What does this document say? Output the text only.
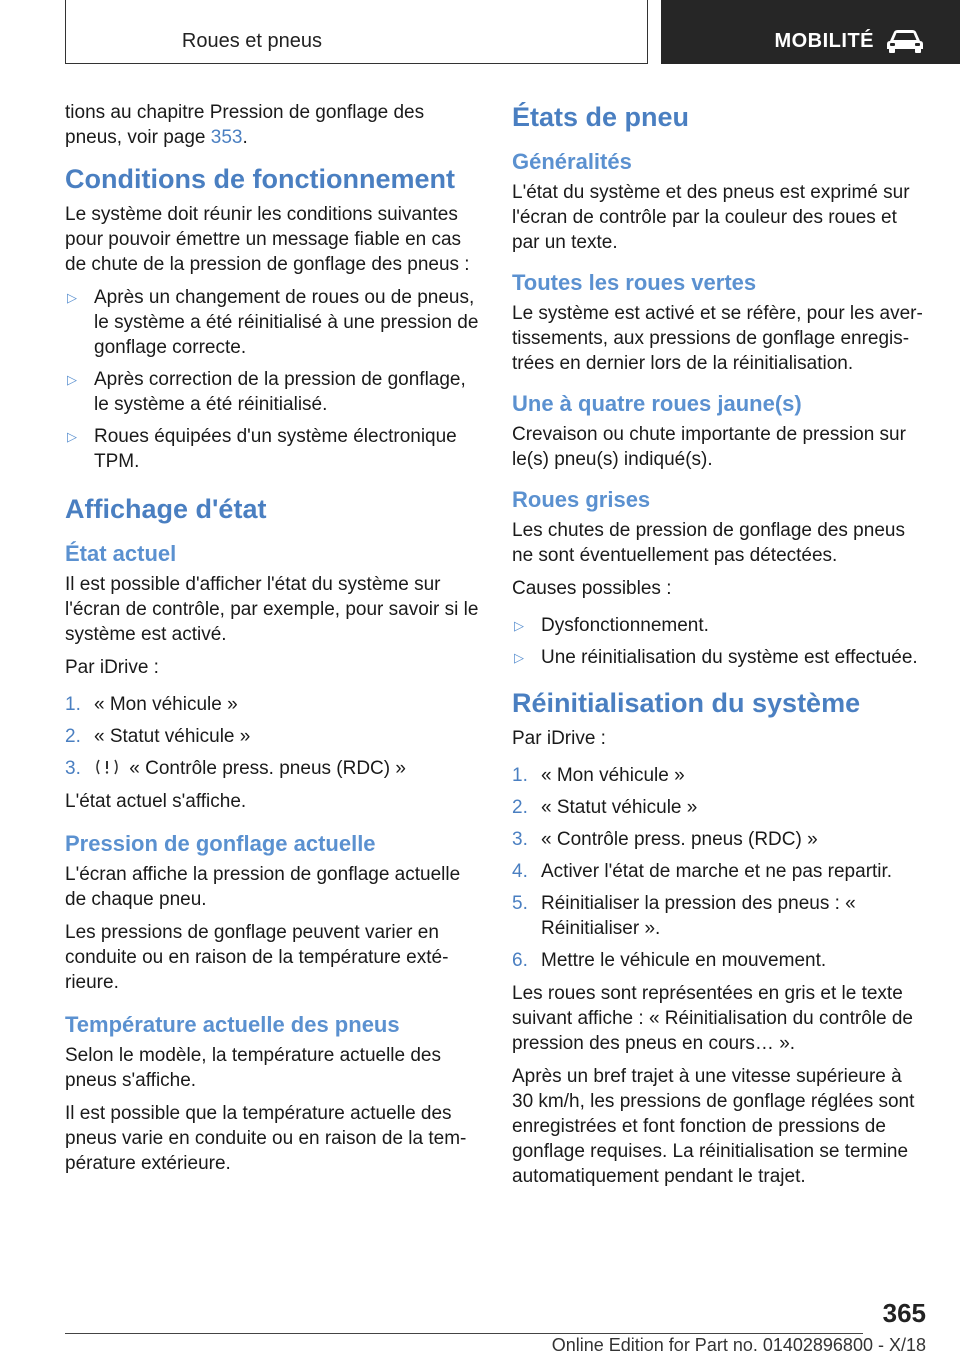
Roues et pneus	MOBILITÉ

tions au chapitre Pression de gonflage des pneus, voir page 353.

Conditions de fonctionnement

Le système doit réunir les conditions suivantes pour pouvoir émettre un message fiable en cas de chute de la pression de gonflage des pneus :

▷ Après un changement de roues ou de pneus, le système a été réinitialisé à une pression de gonflage correcte.
▷ Après correction de la pression de gonflage, le système a été réinitialisé.
▷ Roues équipées d'un système électronique TPM.
Affichage d'état
État actuel

Il est possible d'afficher l'état du système sur l'écran de contrôle, par exemple, pour savoir si le système est activé.

Par iDrive :

1. « Mon véhicule »
2. « Statut véhicule »
3.	« Contrôle press. pneus (RDC) »

L'état actuel s'affiche.

Pression de gonflage actuelle

L'écran affiche la pression de gonflage actuelle de chaque pneu.

Les pressions de gonflage peuvent varier en conduite ou en raison de la température exté-rieure.

Température actuelle des pneus

Selon le modèle, la température actuelle des pneus s'affiche.

Il est possible que la température actuelle des pneus varie en conduite ou en raison de la tem-pérature extérieure.

États de pneu
Généralités

L'état du système et des pneus est exprimé sur l'écran de contrôle par la couleur des roues et par un texte.

Toutes les roues vertes

Le système est activé et se réfère, pour les aver-tissements, aux pressions de gonflage enregis-trées en dernier lors de la réinitialisation.

Une à quatre roues jaune(s)

Crevaison ou chute importante de pression sur le(s) pneu(s) indiqué(s).

Roues grises

Les chutes de pression de gonflage des pneus ne sont éventuellement pas détectées.

Causes possibles :

▷ Dysfonctionnement.
▷ Une réinitialisation du système est effectuée.
Réinitialisation du système

Par iDrive :

1. « Mon véhicule »
2. « Statut véhicule »
3. « Contrôle press. pneus (RDC) »
4. Activer l'état de marche et ne pas repartir.
5. Réinitialiser la pression des pneus : « Réinitialiser ».
6. Mettre le véhicule en mouvement.

Les roues sont représentées en gris et le texte suivant affiche : « Réinitialisation du contrôle de pression des pneus en cours… ».

Après un bref trajet à une vitesse supérieure à 30 km/h, les pressions de gonflage réglées sont enregistrées et font fonction de pressions de gonflage requises. La réinitialisation se termine automatiquement pendant le trajet.

365
Online Edition for Part no. 01402896800 - X/18
